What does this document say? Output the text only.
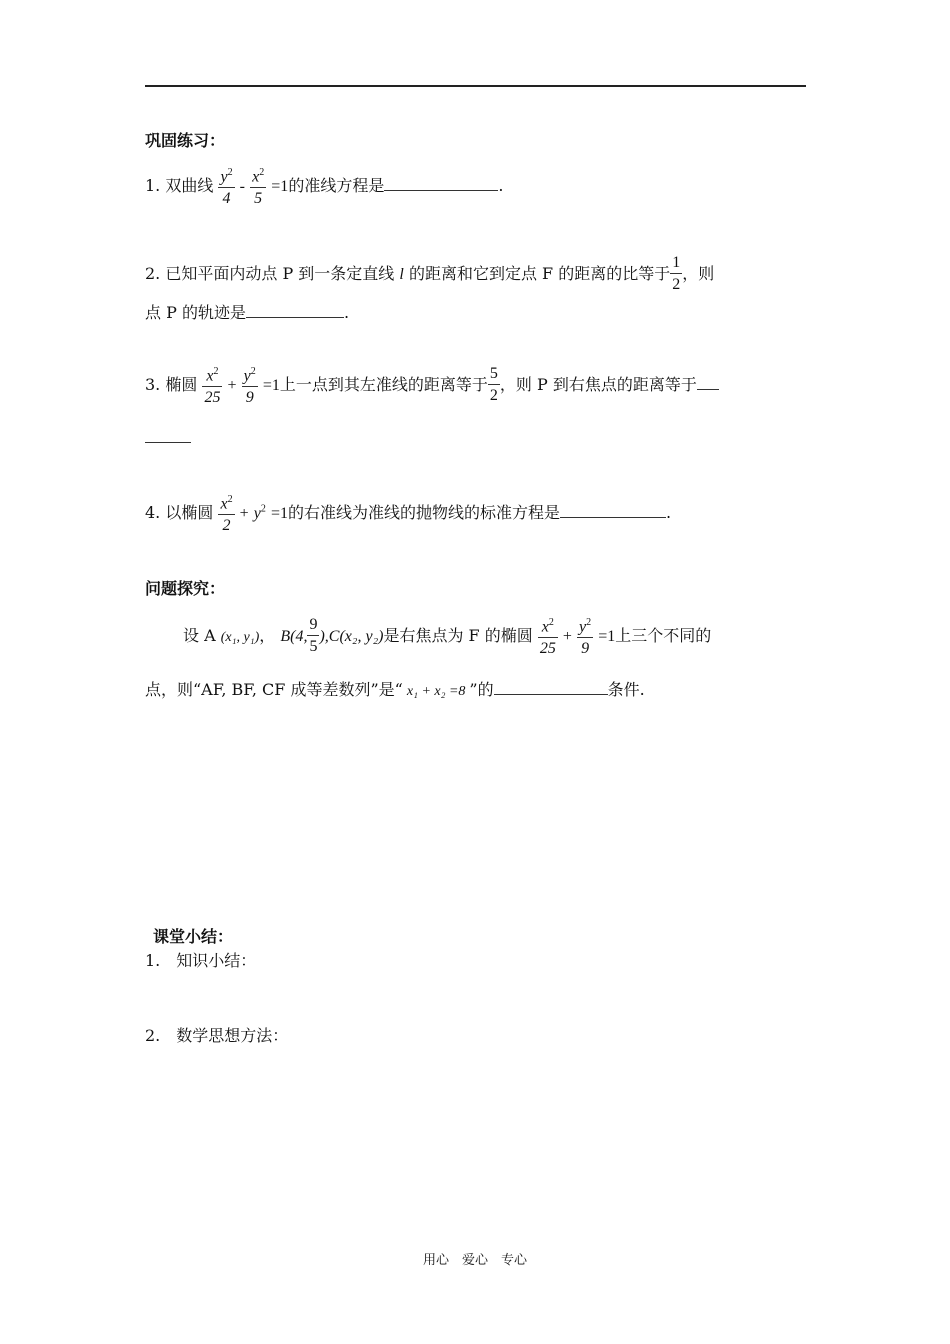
巩固练习：
1. 双曲线 $\frac{y^2}{4} - \frac{x^2}{5} =1$的准线方程是	.
2. 已知平面内动点 P 到一条定直线 l 的距离和它到定点 F 的距离的比等于 $\frac{1}{2}$ ，则
点 P 的轨迹是	.
3. 椭圆 $\frac{x^2}{25} + \frac{y^2}{9} =1$上一点到其左准线的距离等于 $\frac{5}{2}$ ，则 P 到右焦点的距离等于
4. 以椭圆 $\frac{x^2}{2} + y^2 =1$的右准线为准线的抛物线的标准方程是	.
问题探究：
设 A (x₁, y₁)， B(4, $\frac{9}{5} ),C(x_2$, y₂)是右焦点为 F 的椭圆 $\frac{x^2}{25} + \frac{y^2}{9} =1$上三个不同的
点，则“AF, BF, CF 成等差数列”是“ x₁ + x₂ =8 ”的	条件.
课堂小结：
1.　知识小结：
2.　数学思想方法：
用心　爱心　专心
